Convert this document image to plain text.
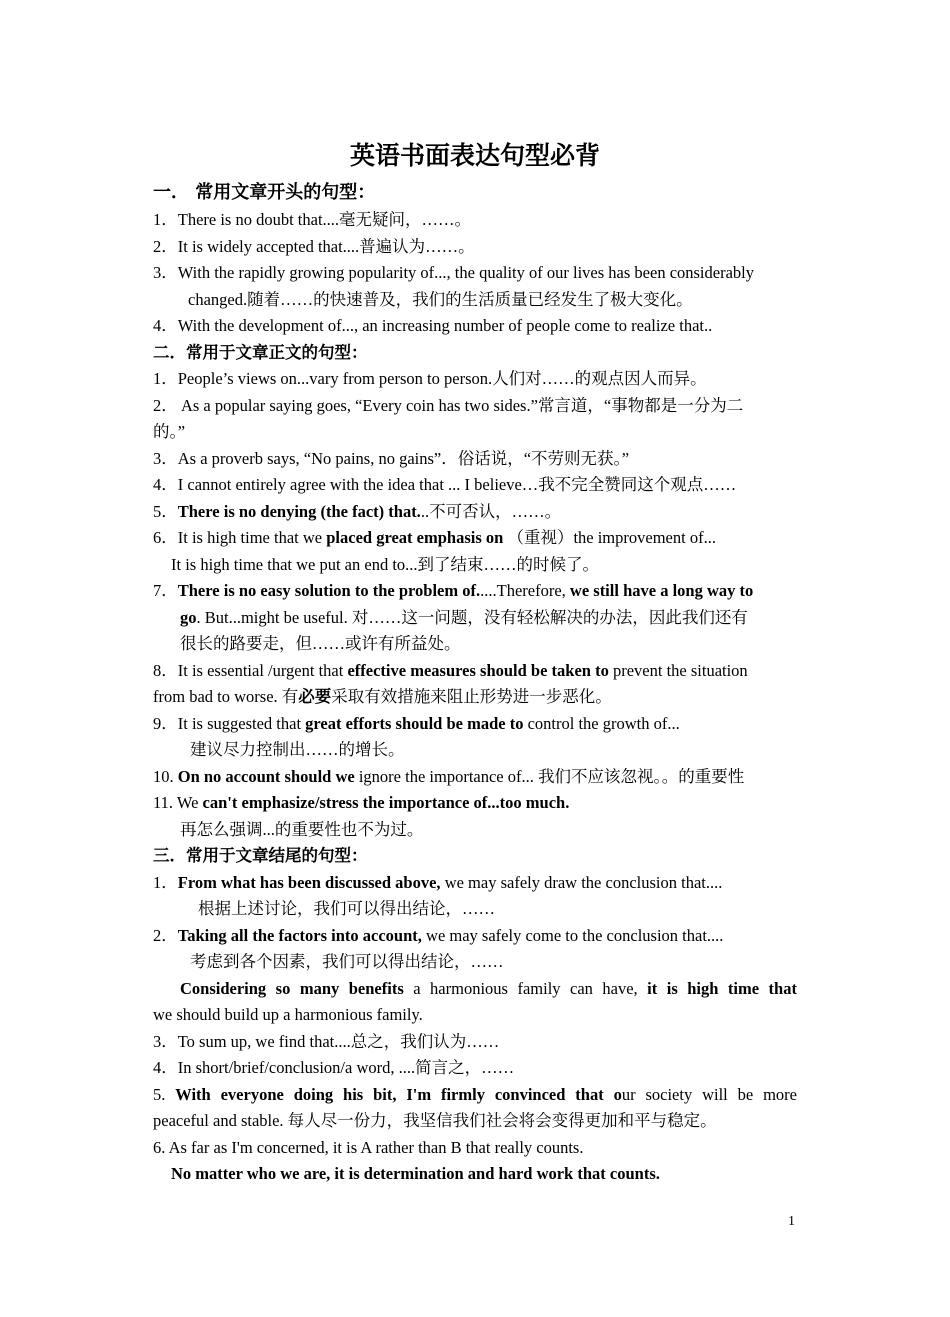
英语书面表达句型必背
一． 常用文章开头的句型：
1．There is no doubt that....毫无疑问，……。
2．It is widely accepted that....普遍认为……。
3．With the rapidly growing popularity of..., the quality of our lives has been considerably
changed.随着……的快速普及，我们的生活质量已经发生了极大变化。
4．With the development of..., an increasing number of people come to realize that..
二．常用于文章正文的句型：
1．People’s views on...vary from person to person.人们对……的观点因人而异。
2． As a popular saying goes, “Every coin has two sides.”常言道，“事物都是一分为二
的。”
3．As a proverb says, “No pains, no gains”．俗话说，“不劳则无获。”
4．I cannot entirely agree with the idea that ... I believe…我不完全赞同这个观点……
5．There is no denying (the fact) that...不可否认，……。
6．It is high time that we placed great emphasis on （重视）the improvement of...
It is high time that we put an end to...到了结束……的时候了。
7．There is no easy solution to the problem of.....Therefore, we still have a long way to
go. But...might be useful. 对……这一问题，没有轻松解决的办法，因此我们还有
很长的路要走，但……或许有所益处。
8．It is essential /urgent that effective measures should be taken to prevent the situation
from bad to worse. 有必要采取有效措施来阻止形势进一步恶化。
9．It is suggested that great efforts should be made to control the growth of...
建议尽力控制出……的增长。
10. On no account should we ignore the importance of... 我们不应该忽视。。的重要性
11. We can't emphasize/stress the importance of...too much.
再怎么强调...的重要性也不为过。
三．常用于文章结尾的句型：
1．From what has been discussed above, we may safely draw the conclusion that....
根据上述讨论，我们可以得出结论，……
2．Taking all the factors into account, we may safely come to the conclusion that....
考虑到各个因素，我们可以得出结论，……
Considering so many benefits a harmonious family can have, it is high time that
we should build up a harmonious family.
3．To sum up, we find that....总之，我们认为……
4．In short/brief/conclusion/a word, ....简言之，……
5. With everyone doing his bit, I'm firmly convinced that our society will be more
peaceful and stable. 每人尽一份力，我坚信我们社会将会变得更加和平与稳定。
6. As far as I'm concerned, it is A rather than B that really counts.
No matter who we are, it is determination and hard work that counts.
1
